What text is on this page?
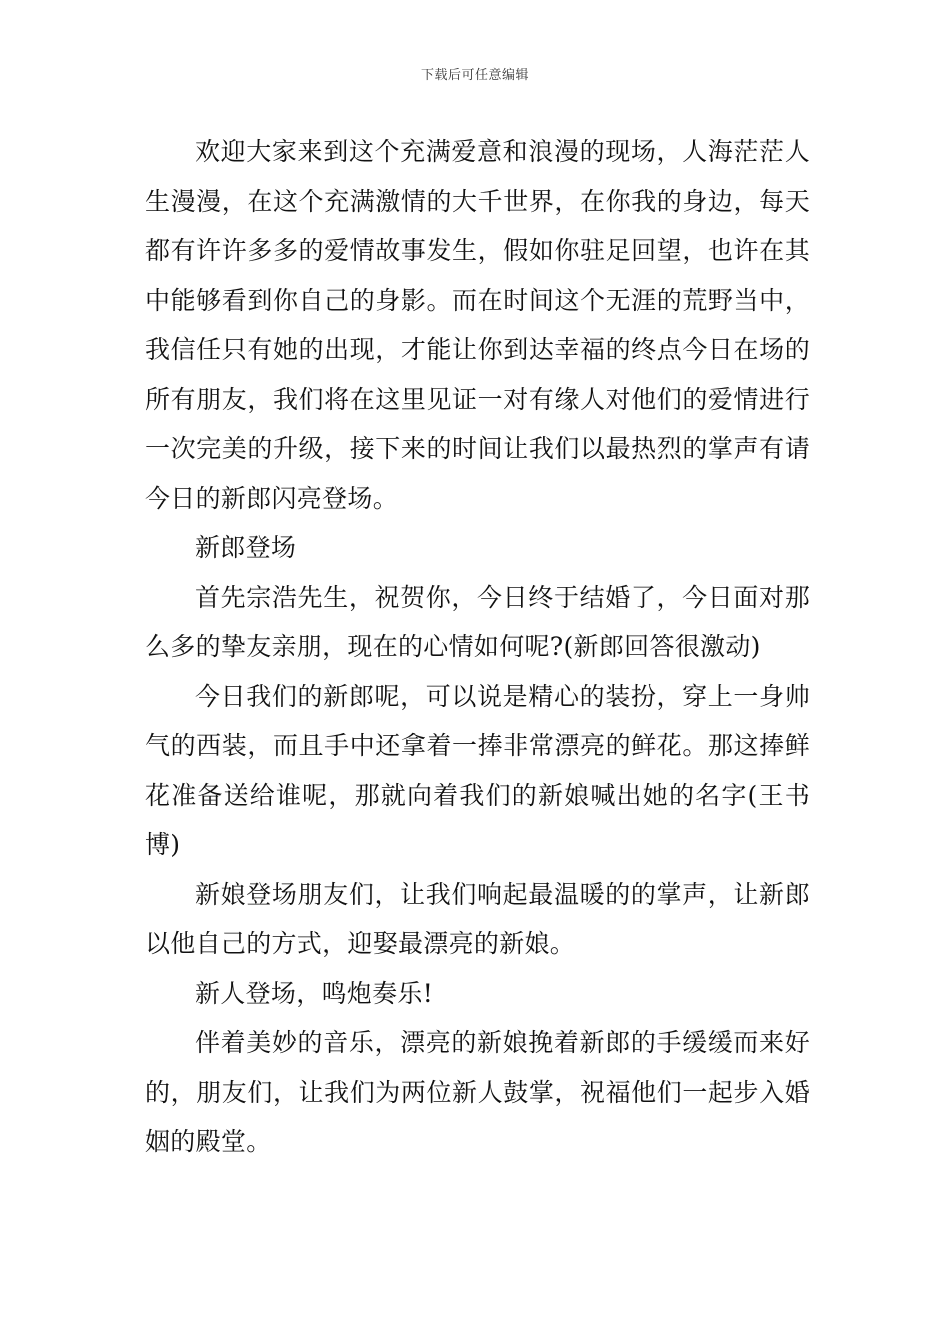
下载后可任意编辑

欢迎大家来到这个充满爱意和浪漫的现场，人海茫茫人生漫漫，在这个充满激情的大千世界，在你我的身边，每天都有许许多多的爱情故事发生，假如你驻足回望，也许在其中能够看到你自己的身影。而在时间这个无涯的荒野当中，我信任只有她的出现，才能让你到达幸福的终点今日在场的所有朋友，我们将在这里见证一对有缘人对他们的爱情进行一次完美的升级，接下来的时间让我们以最热烈的掌声有请今日的新郎闪亮登场。

新郎登场

首先宗浩先生，祝贺你，今日终于结婚了，今日面对那么多的挚友亲朋，现在的心情如何呢?(新郎回答很激动)

今日我们的新郎呢，可以说是精心的装扮，穿上一身帅气的西装，而且手中还拿着一捧非常漂亮的鲜花。那这捧鲜花准备送给谁呢，那就向着我们的新娘喊出她的名字(王书博)

新娘登场朋友们，让我们响起最温暖的的掌声，让新郎以他自己的方式，迎娶最漂亮的新娘。

新人登场，鸣炮奏乐!

伴着美妙的音乐，漂亮的新娘挽着新郎的手缓缓而来好的，朋友们，让我们为两位新人鼓掌，祝福他们一起步入婚姻的殿堂。
